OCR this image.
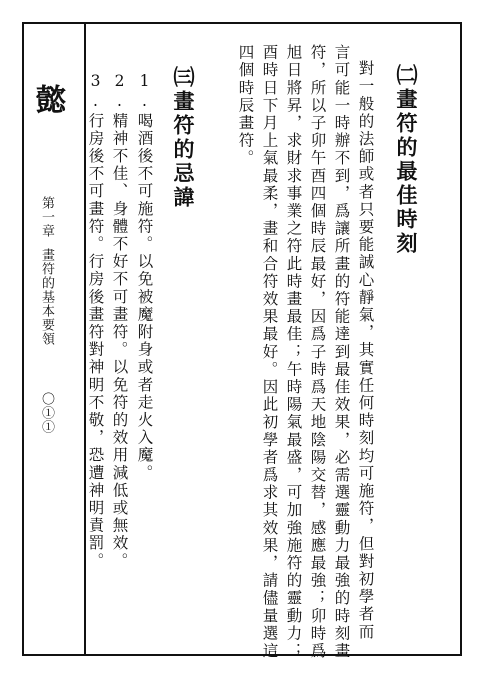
㈡畫符的最佳時刻
對一般的法師或者只要能誠心靜氣，其實任何時刻均可施符，但對初學者而
言可能一時辦不到，爲讓所畫的符能達到最佳效果，必需選靈動力最強的時刻畫
符，所以子卯午酉四個時辰最好，因爲子時爲天地陰陽交替，感應最強；卯時爲
旭日將昇，求財求事業之符此時畫最佳；午時陽氣最盛，可加強施符的靈動力；
酉時日下月上氣最柔，畫和合符效果最好。因此初學者爲求其效果，請儘量選這
四個時辰畫符。
㈢畫符的忌諱
1.喝酒後不可施符。以免被魔附身或者走火入魔。
2.精神不佳、身體不好不可畫符。以免符的效用減低或無效。
3.行房後不可畫符。行房後畫符對神明不敬，恐遭神明責罰。
懿
第一章
畫符的基本要領
〇①①
